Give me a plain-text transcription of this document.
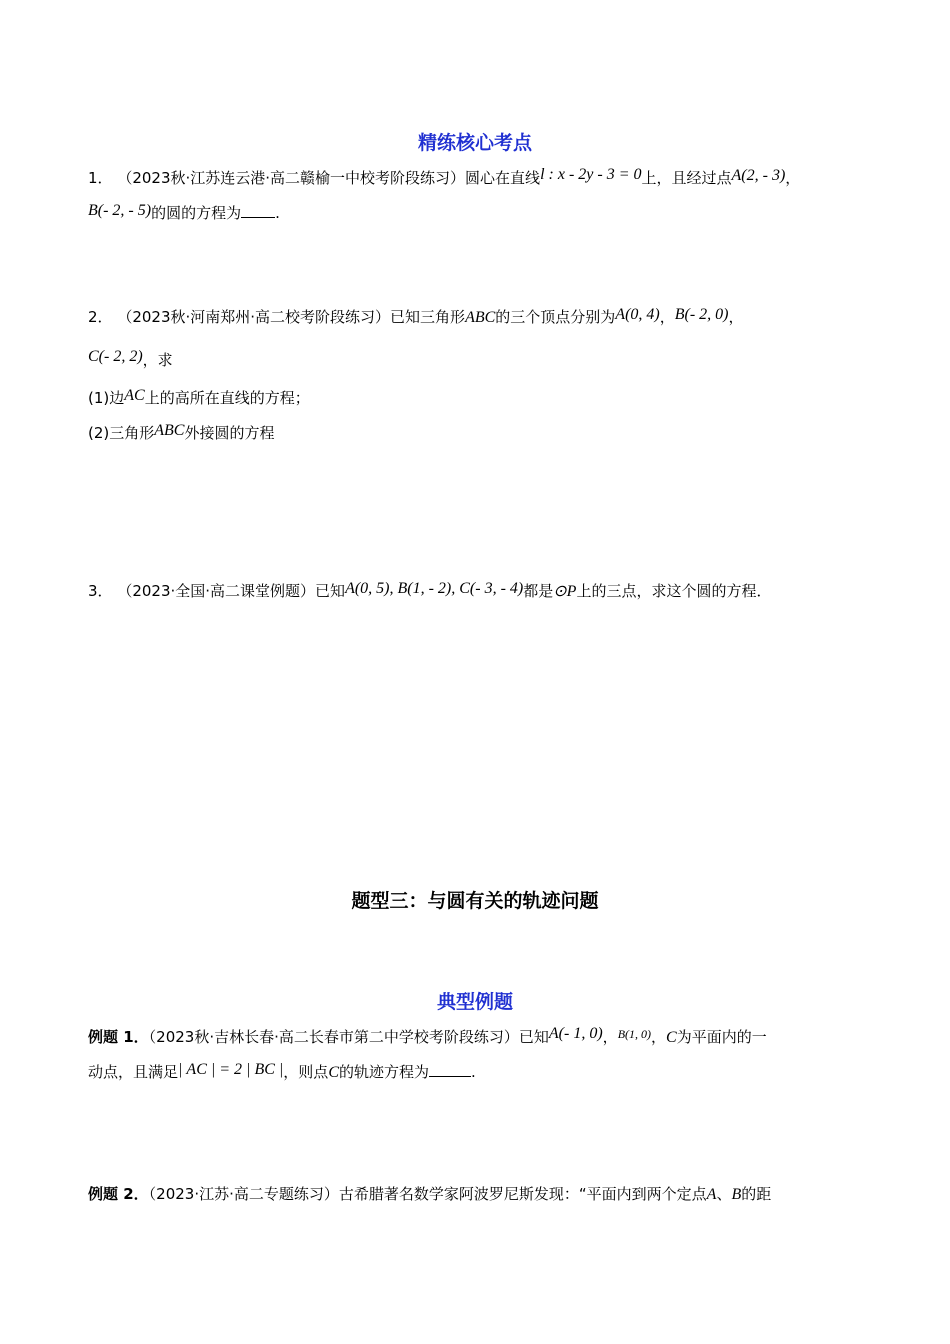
精练核心考点
1． （2023秋·江苏连云港·高二赣榆一中校考阶段练习）圆心在直线l : x - 2y - 3 = 0上，且经过点A(2, - 3)，
B(- 2, - 5)的圆的方程为 .
2． （2023秋·河南郑州·高二校考阶段练习）已知三角形ABC的三个顶点分别为A(0, 4)，B(- 2, 0)，
C(- 2, 2)，求
(1)边AC上的高所在直线的方程；
(2)三角形ABC外接圆的方程
3． （2023·全国·高二课堂例题）已知A(0, 5), B(1, - 2), C(- 3, - 4)都是⊙P上的三点，求这个圆的方程．
题型三：与圆有关的轨迹问题
典型例题
例题 1．（2023秋·吉林长春·高二长春市第二中学校考阶段练习）已知A(- 1, 0)，$^{B(1, 0)}$，C为平面内的一
动点，且满足| AC | = 2 | BC |，则点C的轨迹方程为	.
例题 2．（2023·江苏·高二专题练习）古希腊著名数学家阿波罗尼斯发现：“平面内到两个定点A、B的距
